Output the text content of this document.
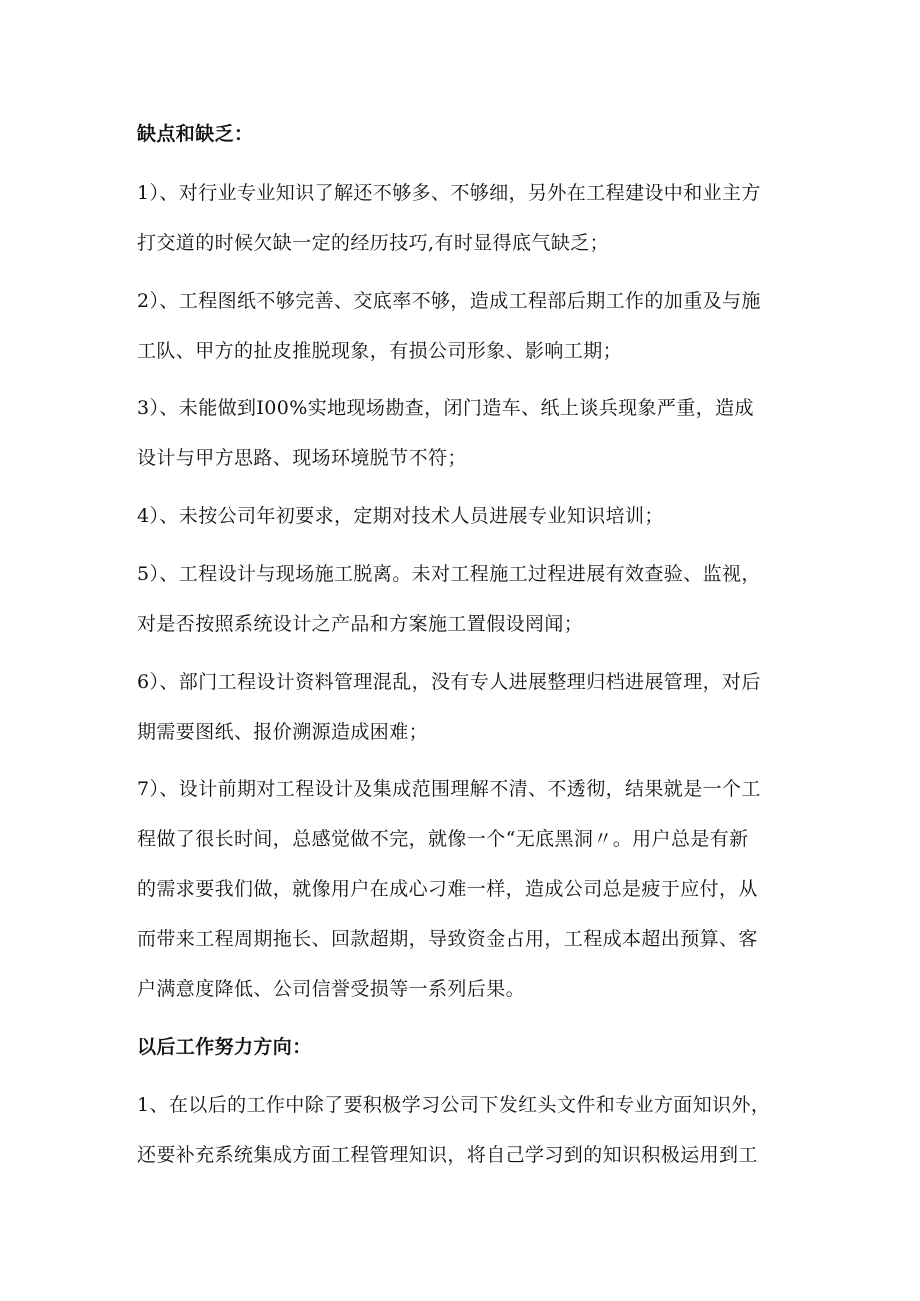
缺点和缺乏：
1）、对行业专业知识了解还不够多、不够细，另外在工程建设中和业主方
打交道的时候欠缺一定的经历技巧,有时显得底气缺乏；
2）、工程图纸不够完善、交底率不够，造成工程部后期工作的加重及与施
工队、甲方的扯皮推脱现象，有损公司形象、影响工期；
3）、未能做到I00%实地现场勘查，闭门造车、纸上谈兵现象严重，造成
设计与甲方思路、现场环境脱节不符；
4）、未按公司年初要求，定期对技术人员进展专业知识培训；
5）、工程设计与现场施工脱离。未对工程施工过程进展有效查验、监视，
对是否按照系统设计之产品和方案施工置假设罔闻；
6）、部门工程设计资料管理混乱，没有专人进展整理归档进展管理，对后
期需要图纸、报价溯源造成困难；
7）、设计前期对工程设计及集成范围理解不清、不透彻，结果就是一个工
程做了很长时间，总感觉做不完，就像一个“无底黑洞〃。用户总是有新
的需求要我们做，就像用户在成心刁难一样，造成公司总是疲于应付，从
而带来工程周期拖长、回款超期，导致资金占用，工程成本超出预算、客
户满意度降低、公司信誉受损等一系列后果。
以后工作努力方向：
1、在以后的工作中除了要积极学习公司下发红头文件和专业方面知识外，
还要补充系统集成方面工程管理知识，将自己学习到的知识积极运用到工
